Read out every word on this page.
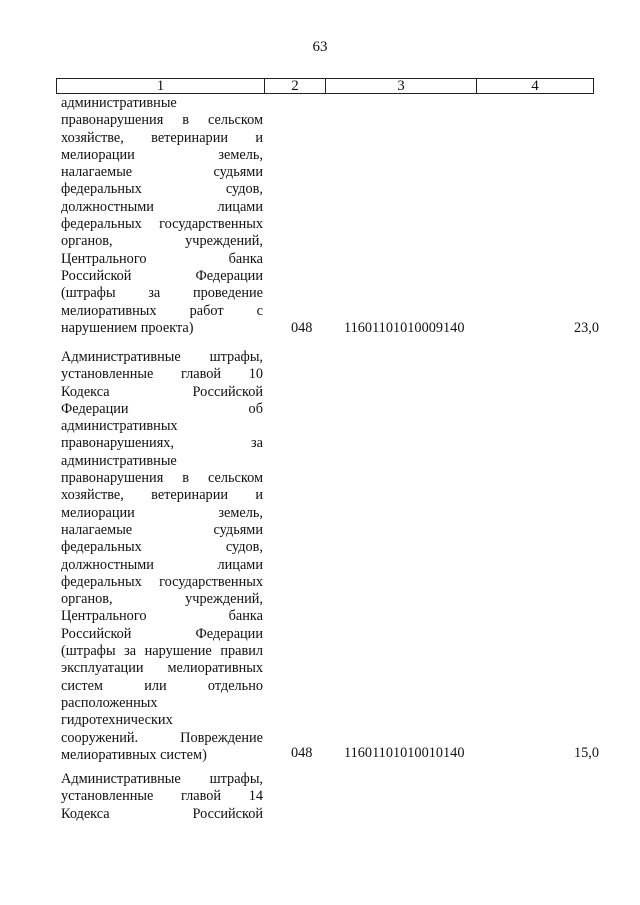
63
1	2	3	4
административные
правонарушения в сельском
хозяйстве, ветеринарии и
мелиорации земель,
налагаемые судьями
федеральных судов,
должностными лицами
федеральных государственных
органов, учреждений,
Центрального банка
Российской Федерации
(штрафы за проведение
мелиоративных работ с
нарушением проекта)	048 11601101010009140	23,0
Административные штрафы,
установленные главой 10
Кодекса Российской
Федерации об
административных
правонарушениях, за
административные
правонарушения в сельском
хозяйстве, ветеринарии и
мелиорации земель,
налагаемые судьями
федеральных судов,
должностными лицами
федеральных государственных
органов, учреждений,
Центрального банка
Российской Федерации
(штрафы за нарушение правил
эксплуатации мелиоративных
систем или отдельно
расположенных
гидротехнических
сооружений. Повреждение
мелиоративных систем)	048 11601101010010140	15,0
Административные штрафы,
установленные главой 14
Кодекса Российской
